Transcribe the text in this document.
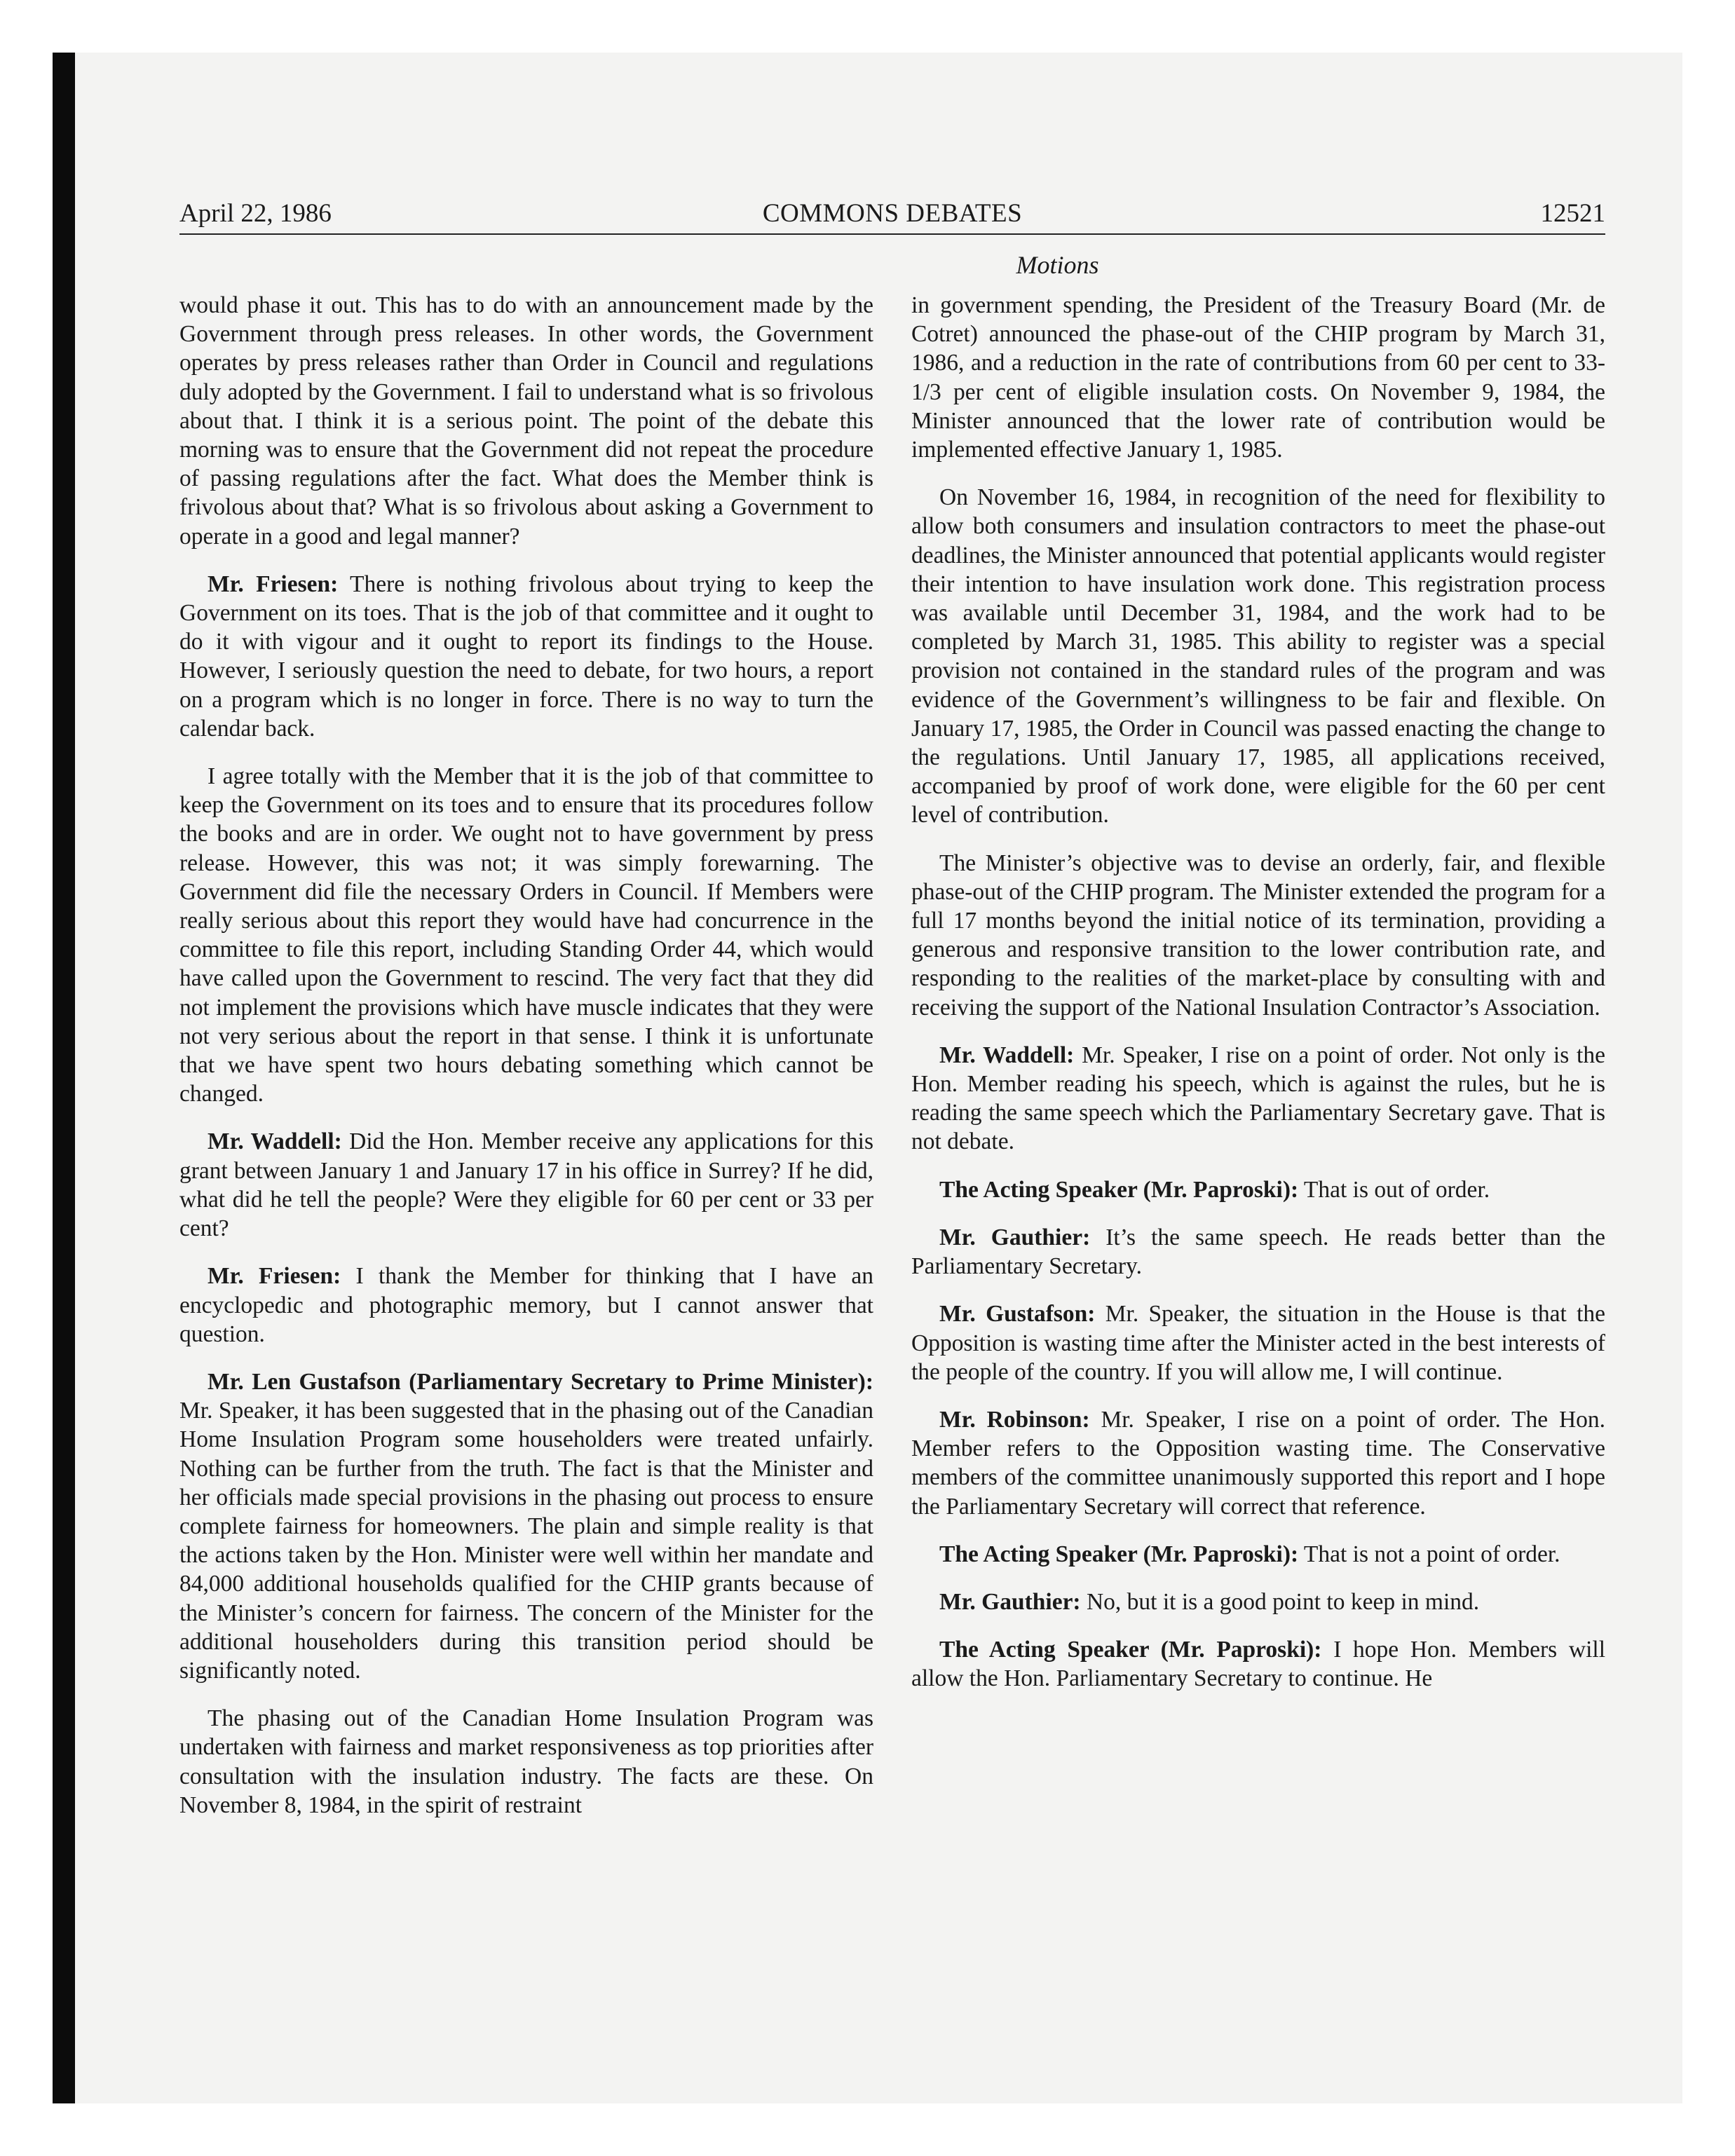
April 22, 1986	COMMONS DEBATES	12521
Motions

would phase it out. This has to do with an announcement made by the Government through press releases. In other words, the Government operates by press releases rather than Order in Council and regulations duly adopted by the Government. I fail to understand what is so frivolous about that. I think it is a serious point. The point of the debate this morning was to ensure that the Government did not repeat the procedure of passing regulations after the fact. What does the Member think is frivolous about that? What is so frivolous about asking a Government to operate in a good and legal manner?

Mr. Friesen: There is nothing frivolous about trying to keep the Government on its toes. That is the job of that committee and it ought to do it with vigour and it ought to report its findings to the House. However, I seriously question the need to debate, for two hours, a report on a program which is no longer in force. There is no way to turn the calendar back.

I agree totally with the Member that it is the job of that committee to keep the Government on its toes and to ensure that its procedures follow the books and are in order. We ought not to have government by press release. However, this was not; it was simply forewarning. The Government did file the necessary Orders in Council. If Members were really serious about this report they would have had concurrence in the committee to file this report, including Standing Order 44, which would have called upon the Government to rescind. The very fact that they did not implement the provisions which have muscle indicates that they were not very serious about the report in that sense. I think it is unfortunate that we have spent two hours debating something which cannot be changed.

Mr. Waddell: Did the Hon. Member receive any applications for this grant between January 1 and January 17 in his office in Surrey? If he did, what did he tell the people? Were they eligible for 60 per cent or 33 per cent?

Mr. Friesen: I thank the Member for thinking that I have an encyclopedic and photographic memory, but I cannot answer that question.

Mr. Len Gustafson (Parliamentary Secretary to Prime Minister): Mr. Speaker, it has been suggested that in the phasing out of the Canadian Home Insulation Program some householders were treated unfairly. Nothing can be further from the truth. The fact is that the Minister and her officials made special provisions in the phasing out process to ensure complete fairness for homeowners. The plain and simple reality is that the actions taken by the Hon. Minister were well within her mandate and 84,000 additional households qualified for the CHIP grants because of the Minister’s concern for fairness. The concern of the Minister for the additional householders during this transition period should be significantly noted.

The phasing out of the Canadian Home Insulation Program was undertaken with fairness and market responsiveness as top priorities after consultation with the insulation industry. The facts are these. On November 8, 1984, in the spirit of restraint

in government spending, the President of the Treasury Board (Mr. de Cotret) announced the phase-out of the CHIP program by March 31, 1986, and a reduction in the rate of contributions from 60 per cent to 33-1/3 per cent of eligible insulation costs. On November 9, 1984, the Minister announced that the lower rate of contribution would be implemented effective January 1, 1985.

On November 16, 1984, in recognition of the need for flexibility to allow both consumers and insulation contractors to meet the phase-out deadlines, the Minister announced that potential applicants would register their intention to have insulation work done. This registration process was available until December 31, 1984, and the work had to be completed by March 31, 1985. This ability to register was a special provision not contained in the standard rules of the program and was evidence of the Government’s willingness to be fair and flexible. On January 17, 1985, the Order in Council was passed enacting the change to the regulations. Until January 17, 1985, all applications received, accompanied by proof of work done, were eligible for the 60 per cent level of contribution.

The Minister’s objective was to devise an orderly, fair, and flexible phase-out of the CHIP program. The Minister extended the program for a full 17 months beyond the initial notice of its termination, providing a generous and responsive transition to the lower contribution rate, and responding to the realities of the market-place by consulting with and receiving the support of the National Insulation Contractor’s Association.

Mr. Waddell: Mr. Speaker, I rise on a point of order. Not only is the Hon. Member reading his speech, which is against the rules, but he is reading the same speech which the Parliamentary Secretary gave. That is not debate.

The Acting Speaker (Mr. Paproski): That is out of order.

Mr. Gauthier: It’s the same speech. He reads better than the Parliamentary Secretary.

Mr. Gustafson: Mr. Speaker, the situation in the House is that the Opposition is wasting time after the Minister acted in the best interests of the people of the country. If you will allow me, I will continue.

Mr. Robinson: Mr. Speaker, I rise on a point of order. The Hon. Member refers to the Opposition wasting time. The Conservative members of the committee unanimously supported this report and I hope the Parliamentary Secretary will correct that reference.

The Acting Speaker (Mr. Paproski): That is not a point of order.

Mr. Gauthier: No, but it is a good point to keep in mind.

The Acting Speaker (Mr. Paproski): I hope Hon. Members will allow the Hon. Parliamentary Secretary to continue. He
